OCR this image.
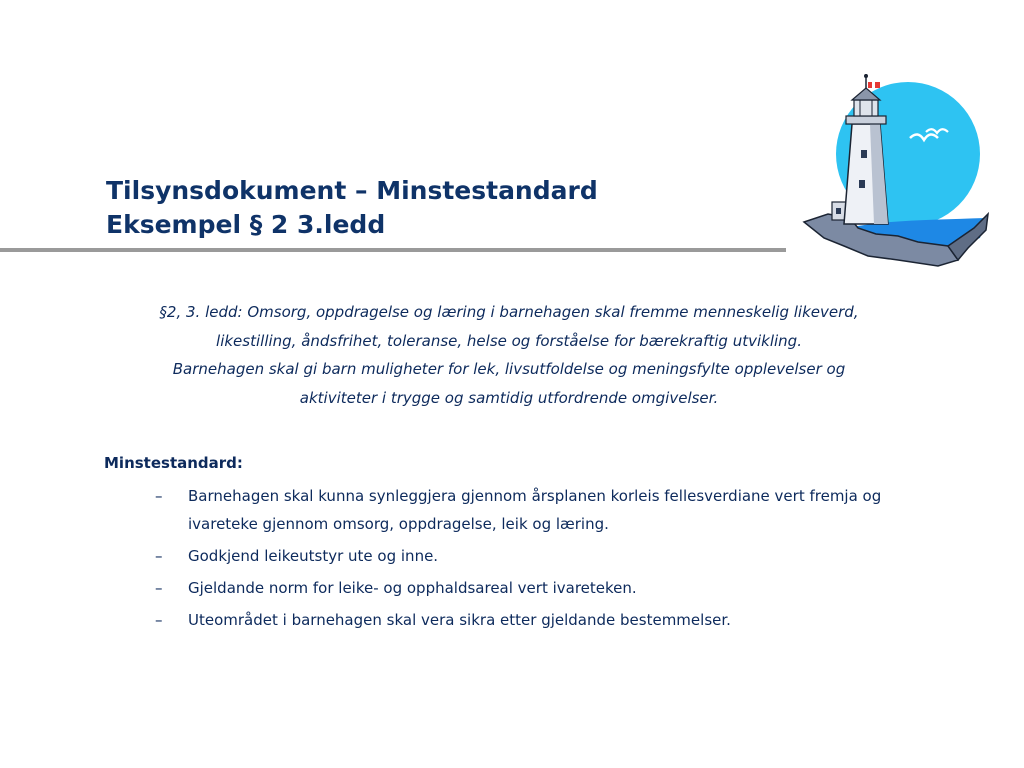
Tilsynsdokument – Minstestandard
Eksempel § 2 3.ledd

§2, 3. ledd: Omsorg, oppdragelse og læring i barnehagen skal fremme menneskelig likeverd,
likestilling, åndsfrihet, toleranse, helse og forståelse for bærekraftig utvikling.
Barnehagen skal gi barn muligheter for lek, livsutfoldelse og meningsfylte opplevelser og
aktiviteter i trygge og samtidig utfordrende omgivelser.

Minstestandard:
– Barnehagen skal kunna synleggjera gjennom årsplanen korleis fellesverdiane vert fremja og ivareteke gjennom omsorg, oppdragelse, leik og læring.
– Godkjend leikeutstyr ute og inne.
– Gjeldande norm for leike- og opphaldsareal vert ivareteken.
– Uteområdet i barnehagen skal vera sikra etter gjeldande bestemmelser.
